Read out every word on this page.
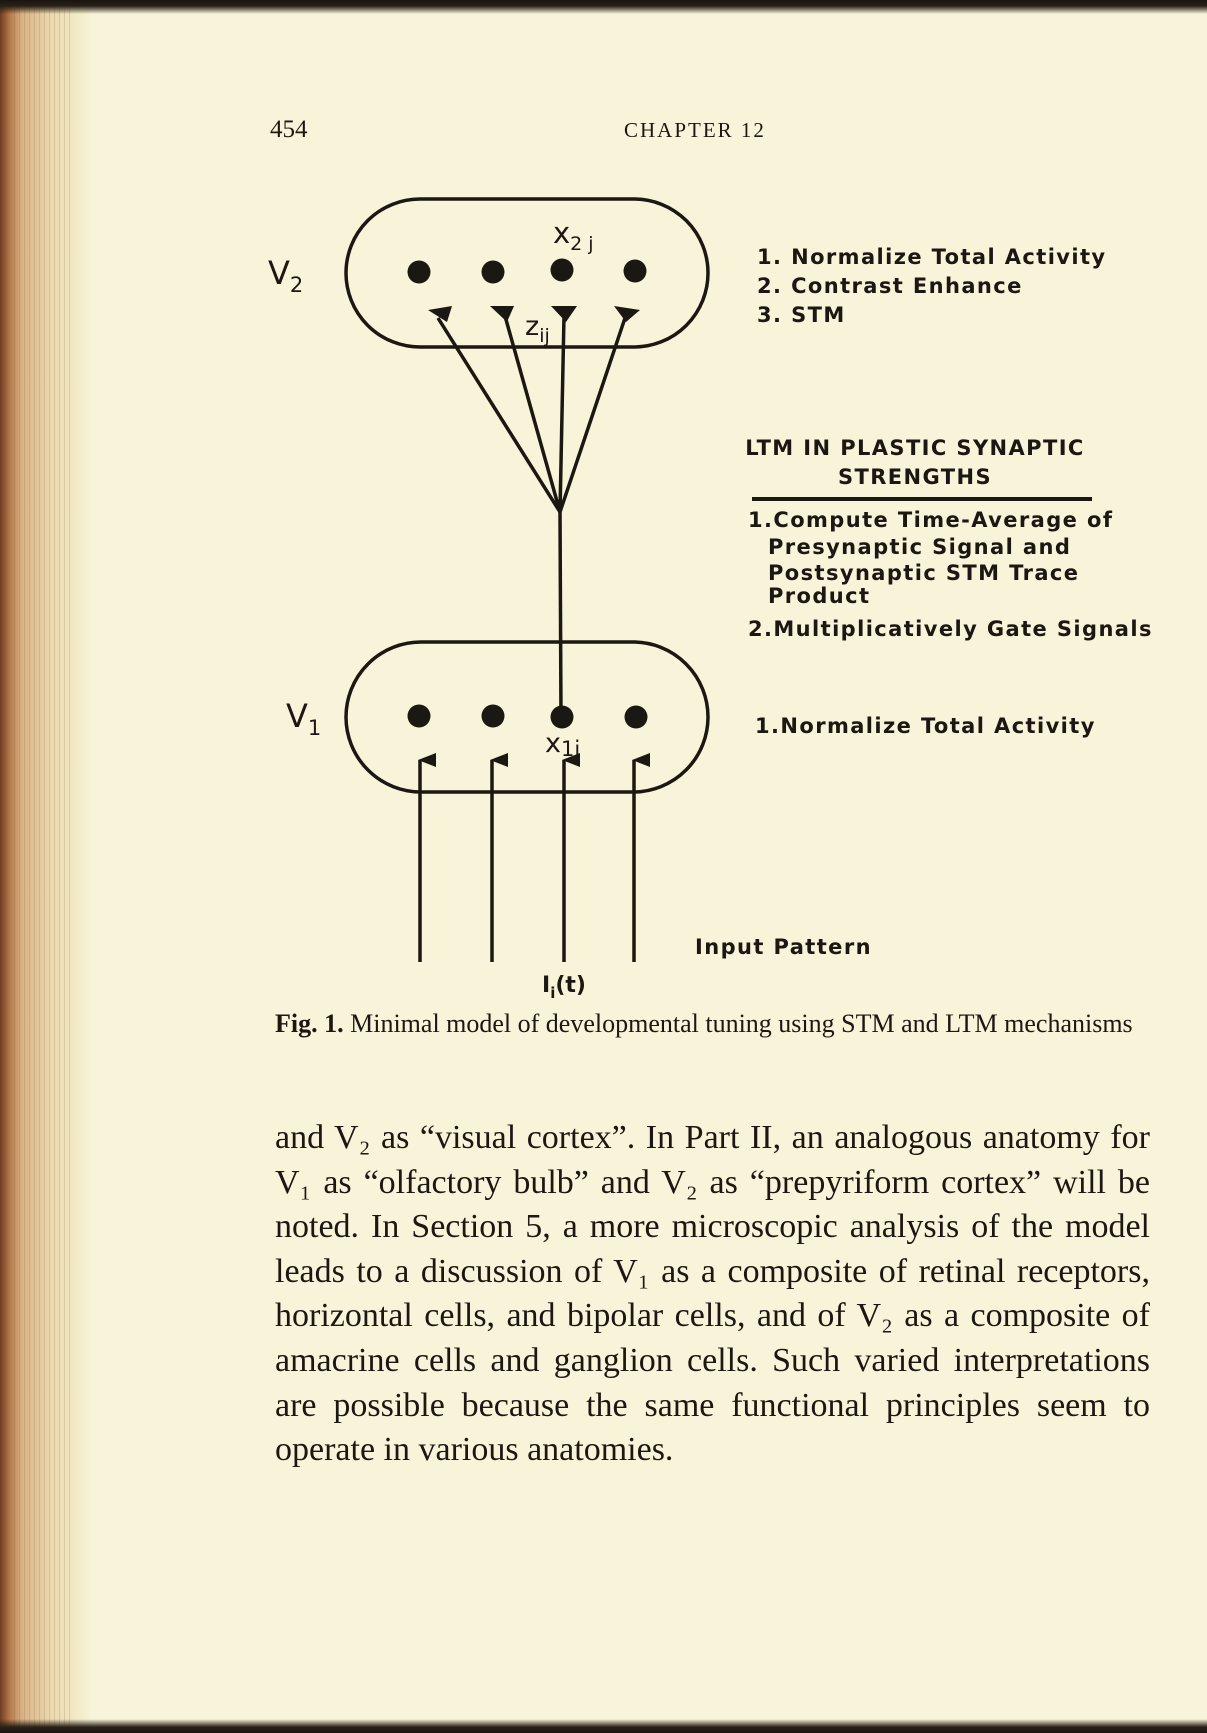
454	CHAPTER 12
$V_2$
$V_1$
$x_{2 j}$
$z_{ij}$
x1i
$I_i(t)$
Input Pattern
1. Normalize Total Activity
2. Contrast Enhance
3. STM
LTM IN PLASTIC SYNAPTIC
STRENGTHS
1.Compute Time-Average of
Presynaptic Signal and
Postsynaptic STM Trace
Product
2.Multiplicatively Gate Signals
1.Normalize Total Activity
Fig. 1. Minimal model of developmental tuning using STM and LTM mechanisms

and V₂ as “visual cortex”. In Part II, an analogous anatomy for V₁ as “olfactory bulb” and V₂ as “prepyriform cortex” will be noted. In Section 5, a more microscopic analysis of the model leads to a discussion of V₁ as a composite of retinal receptors, horizontal cells, and bipolar cells, and of V₂ as a composite of amacrine cells and ganglion cells. Such varied interpretations are possible because the same functional principles seem to operate in various anatomies.
